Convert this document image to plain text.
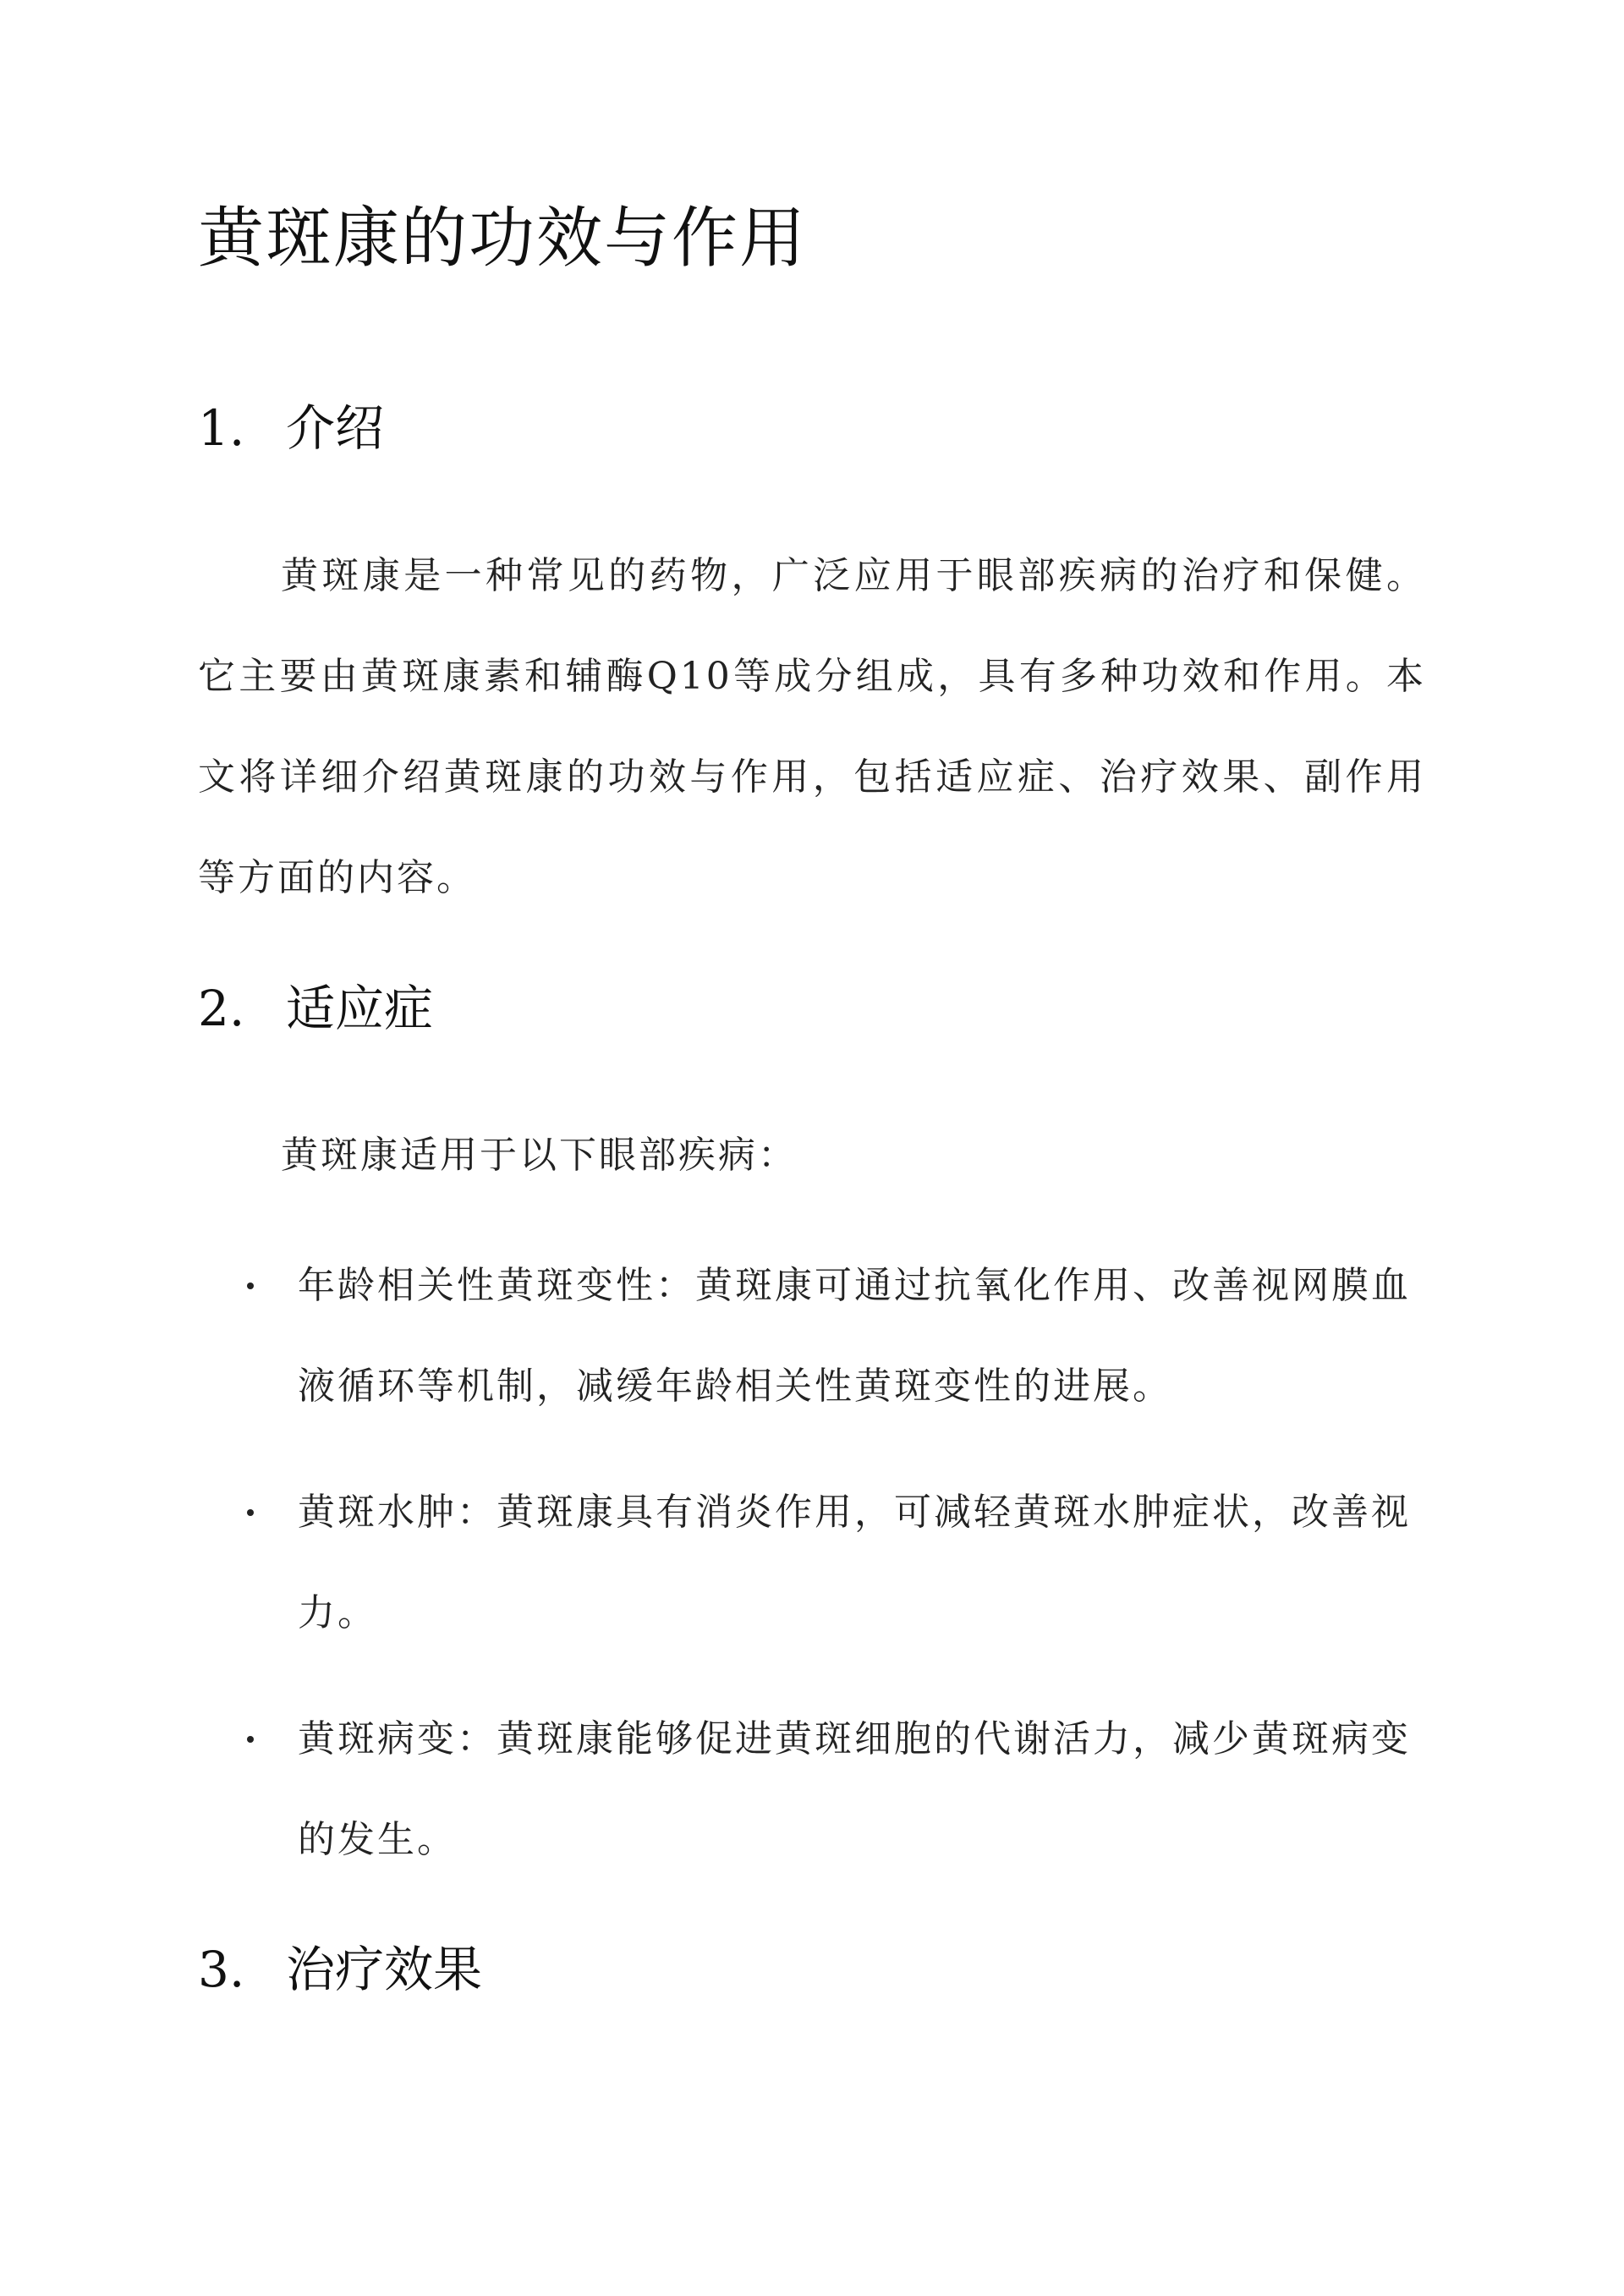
黄斑康的功效与作用
1. 介绍

黄斑康是一种常见的药物，广泛应用于眼部疾病的治疗和保健。它主要由黄斑康素和辅酶Q10等成分组成，具有多种功效和作用。本文将详细介绍黄斑康的功效与作用，包括适应症、治疗效果、副作用等方面的内容。

2. 适应症

黄斑康适用于以下眼部疾病：

年龄相关性黄斑变性：黄斑康可通过抗氧化作用、改善视网膜血液循环等机制，减缓年龄相关性黄斑变性的进展。
黄斑水肿：黄斑康具有消炎作用，可减轻黄斑水肿症状，改善视力。
黄斑病变：黄斑康能够促进黄斑细胞的代谢活力，减少黄斑病变的发生。
3. 治疗效果
